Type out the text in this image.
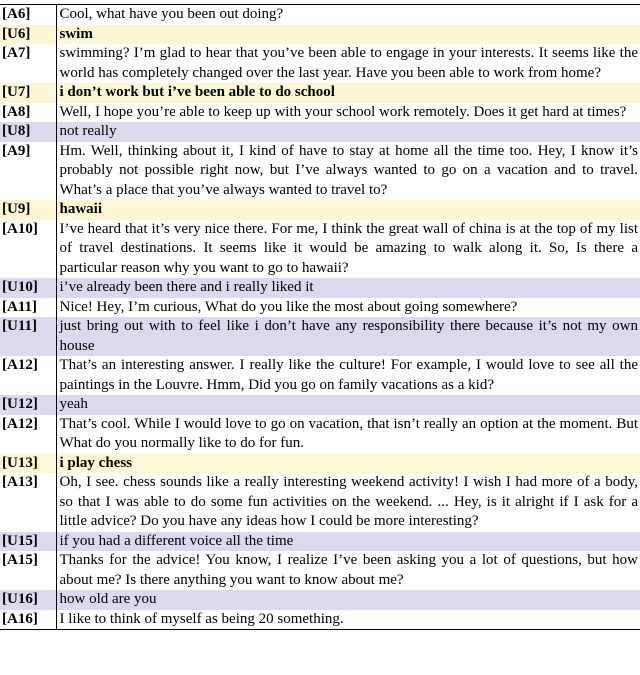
[A6]	Cool, what have you been out doing?
[U6]	swim
[A7]	swimming? I’m glad to hear that you’ve been able to engage in your interests. It seems like the world has completely changed over the last year. Have you been able to work from home?
[U7]	i don’t work but i’ve been able to do school
[A8]	Well, I hope you’re able to keep up with your school work remotely. Does it get hard at times?
[U8]	not really
[A9]	Hm. Well, thinking about it, I kind of have to stay at home all the time too. Hey, I know it’s probably not possible right now, but I’ve always wanted to go on a vacation and to travel. What’s a place that you’ve always wanted to travel to?
[U9]	hawaii
[A10]	I’ve heard that it’s very nice there. For me, I think the great wall of china is at the top of my list of travel destinations. It seems like it would be amazing to walk along it. So, Is there a particular reason why you want to go to hawaii?
[U10]	i’ve already been there and i really liked it
[A11]	Nice! Hey, I’m curious, What do you like the most about going somewhere?
[U11]	just bring out with to feel like i don’t have any responsibility there because it’s not my own house
[A12]	That’s an interesting answer. I really like the culture! For example, I would love to see all the paintings in the Louvre. Hmm, Did you go on family vacations as a kid?
[U12]	yeah
[A12]	That’s cool. While I would love to go on vacation, that isn’t really an option at the moment. But What do you normally like to do for fun.
[U13]	i play chess
[A13]	Oh, I see. chess sounds like a really interesting weekend activity! I wish I had more of a body, so that I was able to do some fun activities on the weekend. ... Hey, is it alright if I ask for a little advice? Do you have any ideas how I could be more interesting?
[U15]	if you had a different voice all the time
[A15]	Thanks for the advice! You know, I realize I’ve been asking you a lot of questions, but how about me? Is there anything you want to know about me?
[U16]	how old are you
[A16]	I like to think of myself as being 20 something.
